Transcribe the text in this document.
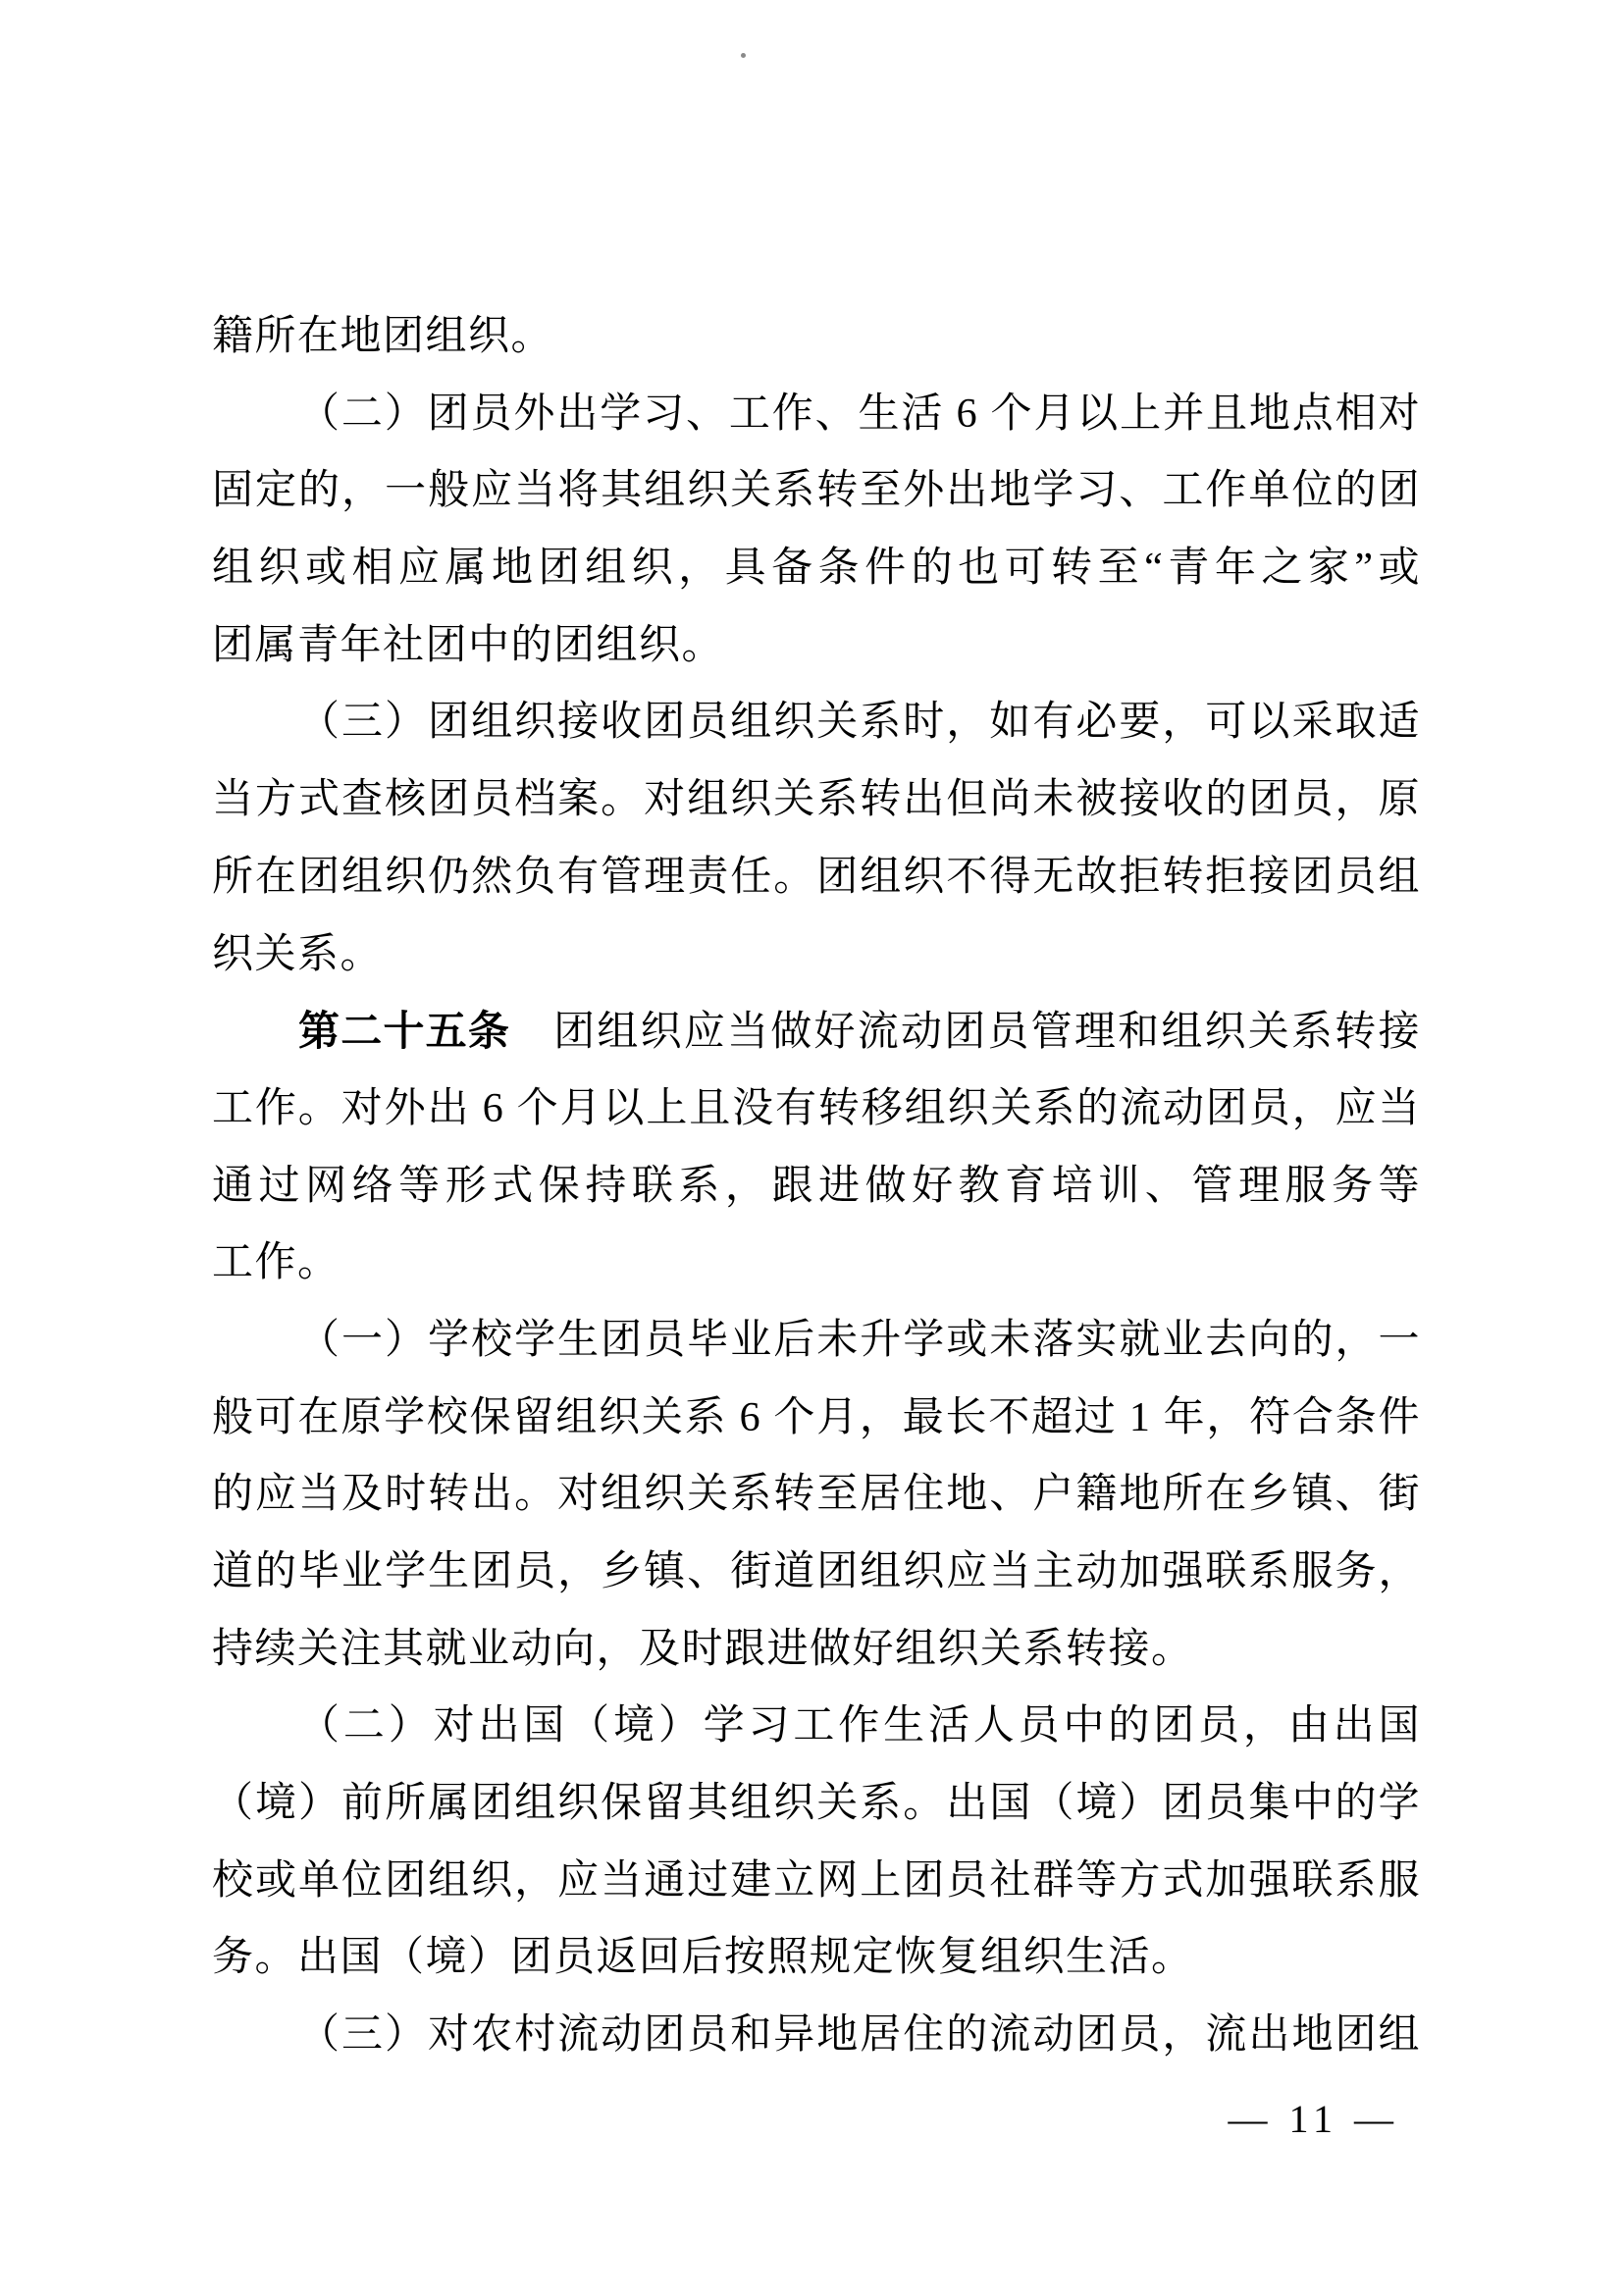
籍所在地团组织。
（二）团员外出学习、工作、生活 6 个月以上并且地点相对
固定的，一般应当将其组织关系转至外出地学习、工作单位的团
组织或相应属地团组织，具备条件的也可转至“青年之家”或
团属青年社团中的团组织。
（三）团组织接收团员组织关系时，如有必要，可以采取适
当方式查核团员档案。对组织关系转出但尚未被接收的团员，原
所在团组织仍然负有管理责任。团组织不得无故拒转拒接团员组
织关系。
第二十五条 团组织应当做好流动团员管理和组织关系转接
工作。对外出 6 个月以上且没有转移组织关系的流动团员，应当
通过网络等形式保持联系，跟进做好教育培训、管理服务等
工作。
（一）学校学生团员毕业后未升学或未落实就业去向的，一
般可在原学校保留组织关系 6 个月，最长不超过 1 年，符合条件
的应当及时转出。对组织关系转至居住地、户籍地所在乡镇、街
道的毕业学生团员，乡镇、街道团组织应当主动加强联系服务，
持续关注其就业动向，及时跟进做好组织关系转接。
（二）对出国（境）学习工作生活人员中的团员，由出国
（境）前所属团组织保留其组织关系。出国（境）团员集中的学
校或单位团组织，应当通过建立网上团员社群等方式加强联系服
务。出国（境）团员返回后按照规定恢复组织生活。
（三）对农村流动团员和异地居住的流动团员，流出地团组
— 11 —
